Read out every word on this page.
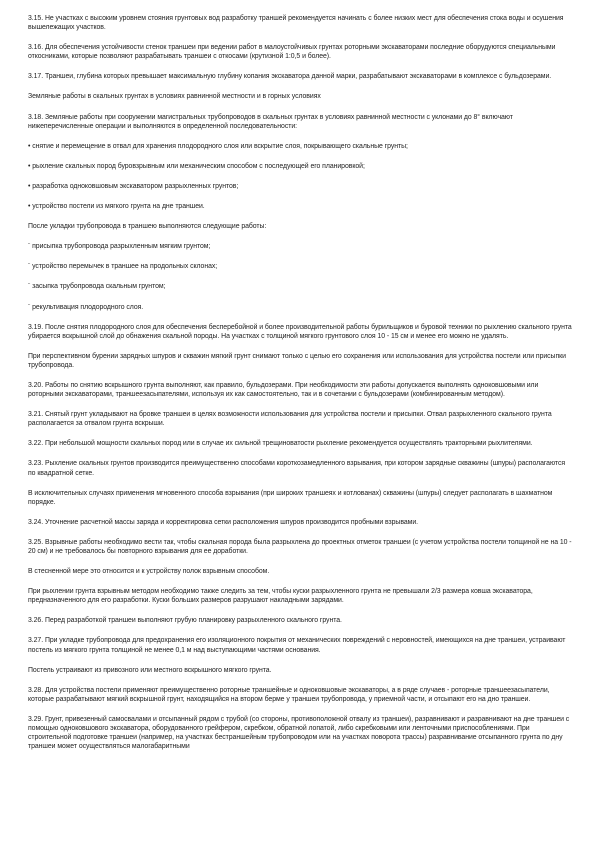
3.15. Не участках с высоким уровнем стояния грунтовых вод разработку траншей рекомендуется начинать с более низких мест для обеспечения стока воды и осушения вышележащих участков.

3.16. Для обеспечения устойчивости стенок траншеи при ведении работ в малоустойчивых грунтах роторными экскаваторами последние оборудуются специальными откосниками, которые позволяют разрабатывать траншеи с откосами (крутизной 1:0,5 и более).

3.17. Траншеи, глубина которых превышает максимальную глубину копания экскаватора данной марки, разрабатывают экскаваторами в комплексе с бульдозерами.

Земляные работы в скальных грунтах в условиях равнинной местности и в горных условиях

3.18. Земляные работы при сооружении магистральных трубопроводов в скальных грунтах в условиях равнинной местности с уклонами до 8° включают нижеперечисленные операции и выполняются в определенной последовательности:

• снятие и перемещение в отвал для хранения плодородного слоя или вскрытие слоя, покрывающего скальные грунты;

• рыхление скальных пород буровзрывным или механическим способом с последующей его планировкой;

• разработка одноковшовым экскаватором разрыхленных грунтов;

• устройство постели из мягкого грунта на дне траншеи.

После укладки трубопровода в траншею выполняются следующие работы:

¨ присыпка трубопровода разрыхленным мягким грунтом;

¨ устройство перемычек в траншее на продольных склонах;

¨ засыпка трубопровода скальным грунтом;

¨ рекультивация плодородного слоя.

3.19. После снятия плодородного слоя для обеспечения бесперебойной и более производительной работы бурильщиков и буровой техники по рыхлению скального грунта убирается вскрышной слой до обнажения скальной породы. На участках с толщиной мягкого грунтового слоя 10 - 15 см и менее его можно не удалять.

При перспективном бурении зарядных шпуров и скважин мягкий грунт снимают только с целью его сохранения или использования для устройства постели или присыпки трубопровода.

3.20. Работы по снятию вскрышного грунта выполняют, как правило, бульдозерами. При необходимости эти работы допускается выполнять одноковшовыми или роторными экскаваторами, траншеезасыпателями, используя их как самостоятельно, так и в сочетании с бульдозерами (комбинированным методом).

3.21. Снятый грунт укладывают на бровке траншеи в целях возможности использования для устройства постели и присыпки. Отвал разрыхленного скального грунта располагается за отвалом грунта вскрыши.

3.22. При небольшой мощности скальных пород или в случае их сильной трещиноватости рыхление рекомендуется осуществлять тракторными рыхлителями.

3.23. Рыхление скальных грунтов производится преимущественно способами короткозамедленного взрывания, при котором зарядные скважины (шпуры) располагаются по квадратной сетке.

В исключительных случаях применения мгновенного способа взрывания (при широких траншеях и котлованах) скважины (шпуры) следует располагать в шахматном порядке.

3.24. Уточнение расчетной массы заряда и корректировка сетки расположения шпуров производится пробными взрывами.

3.25. Взрывные работы необходимо вести так, чтобы скальная порода была разрыхлена до проектных отметок траншеи (с учетом устройства постели толщиной не на 10 - 20 см) и не требовалось бы повторного взрывания для ее доработки.

В стесненной мере это относится и к устройству полок взрывным способом.

При рыхлении грунта взрывным методом необходимо также следить за тем, чтобы куски разрыхленного грунта не превышали 2/3 размера ковша экскаватора, предназначенного для его разработки. Куски больших размеров разрушают накладными зарядами.

3.26. Перед разработкой траншеи выполняют грубую планировку разрыхленного скального грунта.

3.27. При укладке трубопровода для предохранения его изоляционного покрытия от механических повреждений с неровностей, имеющихся на дне траншеи, устраивают постель из мягкого грунта толщиной не менее 0,1 м над выступающими частями основания.

Постель устраивают из привозного или местного вскрышного мягкого грунта.

3.28. Для устройства постели применяют преимущественно роторные траншейные и одноковшовые экскаваторы, а в ряде случаев - роторные траншеезасыпатели, которые разрабатывают мягкий вскрышной грунт, находящийся на втором берме у траншеи трубопровода, у приемной части, и отсыпают его на дно траншеи.

3.29. Грунт, привезенный самосвалами и отсыпанный рядом с трубой (со стороны, противоположной отвалу из траншеи), разравнивают и разравнивают на дне траншеи с помощью одноковшового экскаватора, оборудованного грейфером, скребком, обратной лопатой, либо скребковыми или ленточными приспособлениями. При строительной подготовке траншеи (например, на участках бестраншейным трубопроводом или на участках поворота трассы) разравнивание отсыпанного грунта по дну траншеи может осуществляться малогабаритными
